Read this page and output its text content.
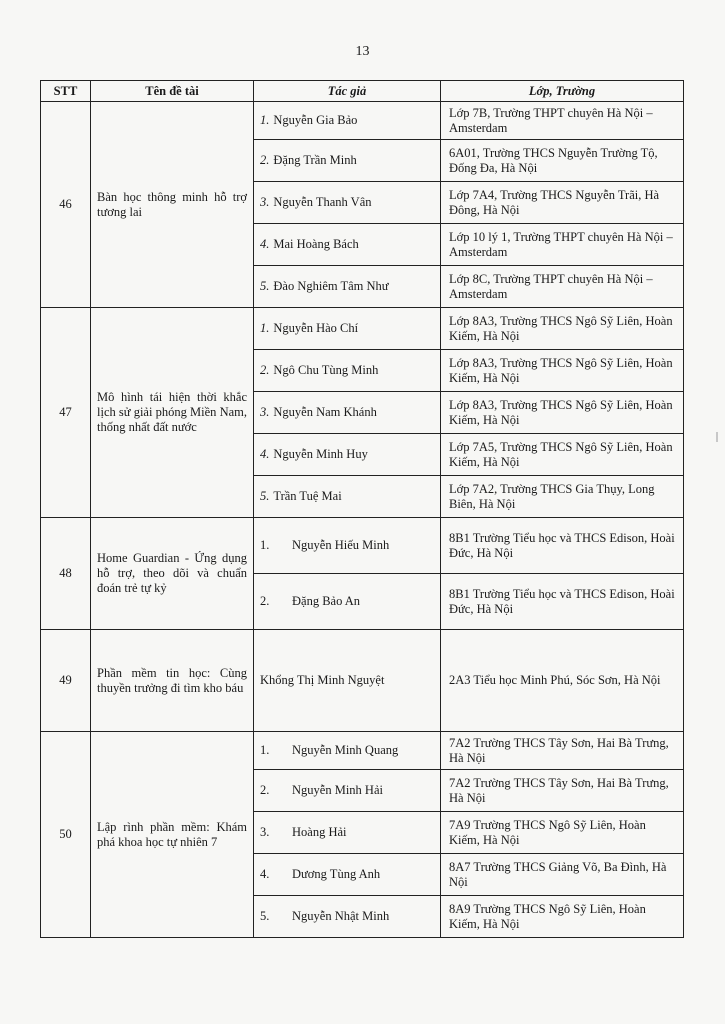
13
STT	Tên đề tài	Tác giả	Lớp, Trường
46	Bàn học thông minh hỗ trợ tương lai	1. Nguyễn Gia Bảo	Lớp 7B, Trường THPT chuyên Hà Nội – Amsterdam
		2. Đặng Trần Minh	6A01, Trường THCS Nguyễn Trường Tộ, Đống Đa, Hà Nội
		3. Nguyễn Thanh Vân	Lớp 7A4, Trường THCS Nguyễn Trãi, Hà Đông, Hà Nội
		4. Mai Hoàng Bách	Lớp 10 lý 1, Trường THPT chuyên Hà Nội – Amsterdam
		5. Đào Nghiêm Tâm Như	Lớp 8C, Trường THPT chuyên Hà Nội – Amsterdam
47	Mô hình tái hiện thời khắc lịch sử giải phóng Miền Nam, thống nhất đất nước	1. Nguyễn Hào Chí	Lớp 8A3, Trường THCS Ngô Sỹ Liên, Hoàn Kiếm, Hà Nội
		2. Ngô Chu Tùng Minh	Lớp 8A3, Trường THCS Ngô Sỹ Liên, Hoàn Kiếm, Hà Nội
		3. Nguyễn Nam Khánh	Lớp 8A3, Trường THCS Ngô Sỹ Liên, Hoàn Kiếm, Hà Nội
		4. Nguyễn Minh Huy	Lớp 7A5, Trường THCS Ngô Sỹ Liên, Hoàn Kiếm, Hà Nội
		5. Trần Tuệ Mai	Lớp 7A2, Trường THCS Gia Thụy, Long Biên, Hà Nội
48	Home Guardian - Ứng dụng hỗ trợ, theo dõi và chuẩn đoán trẻ tự kỷ	1. Nguyễn Hiếu Minh	8B1 Trường Tiểu học và THCS Edison, Hoài Đức, Hà Nội
		2. Đặng Bảo An	8B1 Trường Tiểu học và THCS Edison, Hoài Đức, Hà Nội
49	Phần mềm tin học: Cùng thuyền trưởng đi tìm kho báu	Khổng Thị Minh Nguyệt	2A3 Tiểu học Minh Phú, Sóc Sơn, Hà Nội
50	Lập rình phần mềm: Khám phá khoa học tự nhiên 7	1. Nguyễn Minh Quang	7A2 Trường THCS Tây Sơn, Hai Bà Trưng, Hà Nội
		2. Nguyễn Minh Hải	7A2 Trường THCS Tây Sơn, Hai Bà Trưng, Hà Nội
		3. Hoàng Hải	7A9 Trường THCS Ngô Sỹ Liên, Hoàn Kiếm, Hà Nội
		4. Dương Tùng Anh	8A7 Trường THCS Giảng Võ, Ba Đình, Hà Nội
		5. Nguyễn Nhật Minh	8A9 Trường THCS Ngô Sỹ Liên, Hoàn Kiếm, Hà Nội
